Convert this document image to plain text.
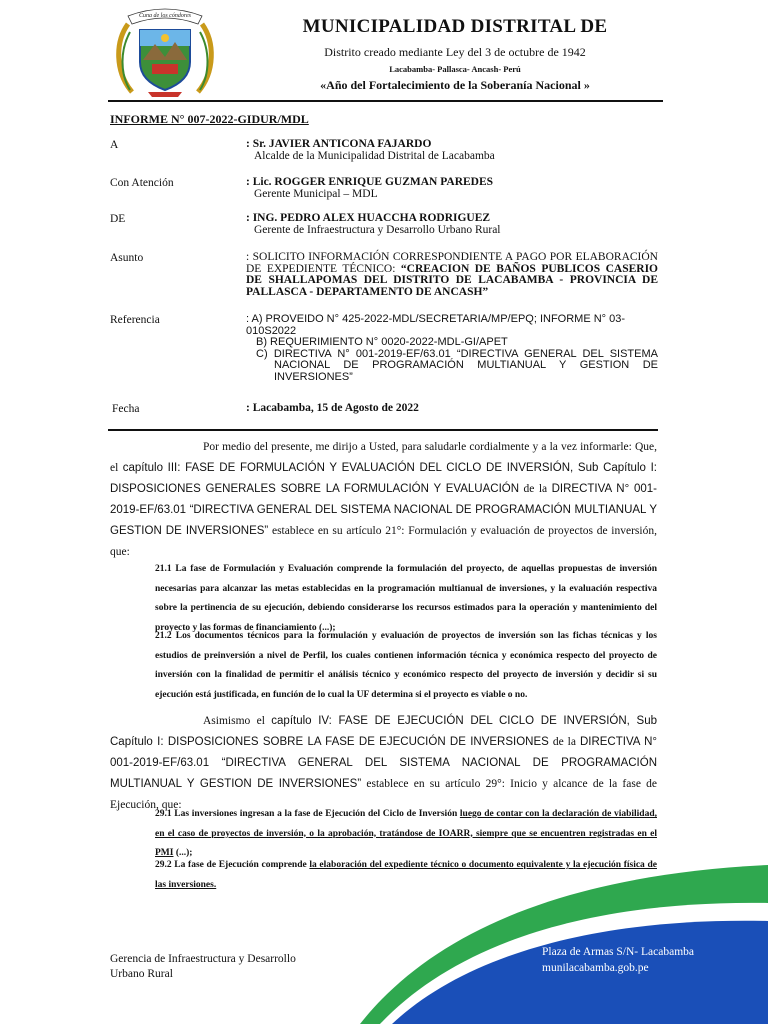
Cuna de los cóndores	MUNICIPALIDAD DISTRITAL DE
Distrito creado mediante Ley del 3 de octubre de 1942
Lacabamba- Pallasca- Ancash- Perú
«Año del Fortalecimiento de la Soberanía Nacional »
INFORME N° 007-2022-GIDUR/MDL
A	: Sr. JAVIER ANTICONA FAJARDO
Alcalde de la Municipalidad Distrital de Lacabamba
Con Atención	: Lic. ROGGER ENRIQUE GUZMAN PAREDES
Gerente Municipal – MDL
DE	: ING. PEDRO ALEX HUACCHA RODRIGUEZ
Gerente de Infraestructura y Desarrollo Urbano Rural
Asunto	: SOLICITO INFORMACIÓN CORRESPONDIENTE A PAGO POR ELABORACIÓN DE EXPEDIENTE TÉCNICO: “CREACION DE BAÑOS PUBLICOS CASERIO DE SHALLAPOMAS DEL DISTRITO DE LACABAMBA - PROVINCIA DE PALLASCA - DEPARTAMENTO DE ANCASH”
Referencia	: A) PROVEIDO N° 425-2022-MDL/SECRETARIA/MP/EPQ; INFORME N° 03-010S2022
B) REQUERIMIENTO N° 0020-2022-MDL-GI/APET
C) DIRECTIVA N° 001-2019-EF/63.01 “DIRECTIVA GENERAL DEL SISTEMA NACIONAL DE PROGRAMACIÓN MULTIANUAL Y GESTION DE INVERSIONES”
Fecha	: Lacabamba, 15 de Agosto de 2022
Por medio del presente, me dirijo a Usted, para saludarle cordialmente y a la vez informarle: Que, el capítulo III: FASE DE FORMULACIÓN Y EVALUACIÓN DEL CICLO DE INVERSIÓN, Sub Capítulo I: DISPOSICIONES GENERALES SOBRE LA FORMULACIÓN Y EVALUACIÓN de la DIRECTIVA N° 001-2019-EF/63.01 “DIRECTIVA GENERAL DEL SISTEMA NACIONAL DE PROGRAMACIÓN MULTIANUAL Y GESTION DE INVERSIONES” establece en su artículo 21°: Formulación y evaluación de proyectos de inversión, que:
21.1 La fase de Formulación y Evaluación comprende la formulación del proyecto, de aquellas propuestas de inversión necesarias para alcanzar las metas establecidas en la programación multianual de inversiones, y la evaluación respectiva sobre la pertinencia de su ejecución, debiendo considerarse los recursos estimados para la operación y mantenimiento del proyecto y las formas de financiamiento (...);
21.2 Los documentos técnicos para la formulación y evaluación de proyectos de inversión son las fichas técnicas y los estudios de preinversión a nivel de Perfil, los cuales contienen información técnica y económica respecto del proyecto de inversión con la finalidad de permitir el análisis técnico y económico respecto del proyecto de inversión y decidir si su ejecución está justificada, en función de lo cual la UF determina si el proyecto es viable o no.
Asimismo el capítulo IV: FASE DE EJECUCIÓN DEL CICLO DE INVERSIÓN, Sub Capítulo I: DISPOSICIONES SOBRE LA FASE DE EJECUCIÓN DE INVERSIONES de la DIRECTIVA N° 001-2019-EF/63.01 “DIRECTIVA GENERAL DEL SISTEMA NACIONAL DE PROGRAMACIÓN MULTIANUAL Y GESTION DE INVERSIONES” establece en su artículo 29°: Inicio y alcance de la fase de Ejecución, que:
29.1 Las inversiones ingresan a la fase de Ejecución del Ciclo de Inversión luego de contar con la declaración de viabilidad, en el caso de proyectos de inversión, o la aprobación, tratándose de IOARR, siempre que se encuentren registradas en el PMI (...);
29.2 La fase de Ejecución comprende la elaboración del expediente técnico o documento equivalente y la ejecución física de las inversiones.
Gerencia de Infraestructura y Desarrollo
Urbano Rural
Plaza de Armas S/N- Lacabamba
munilacabamba.gob.pe
